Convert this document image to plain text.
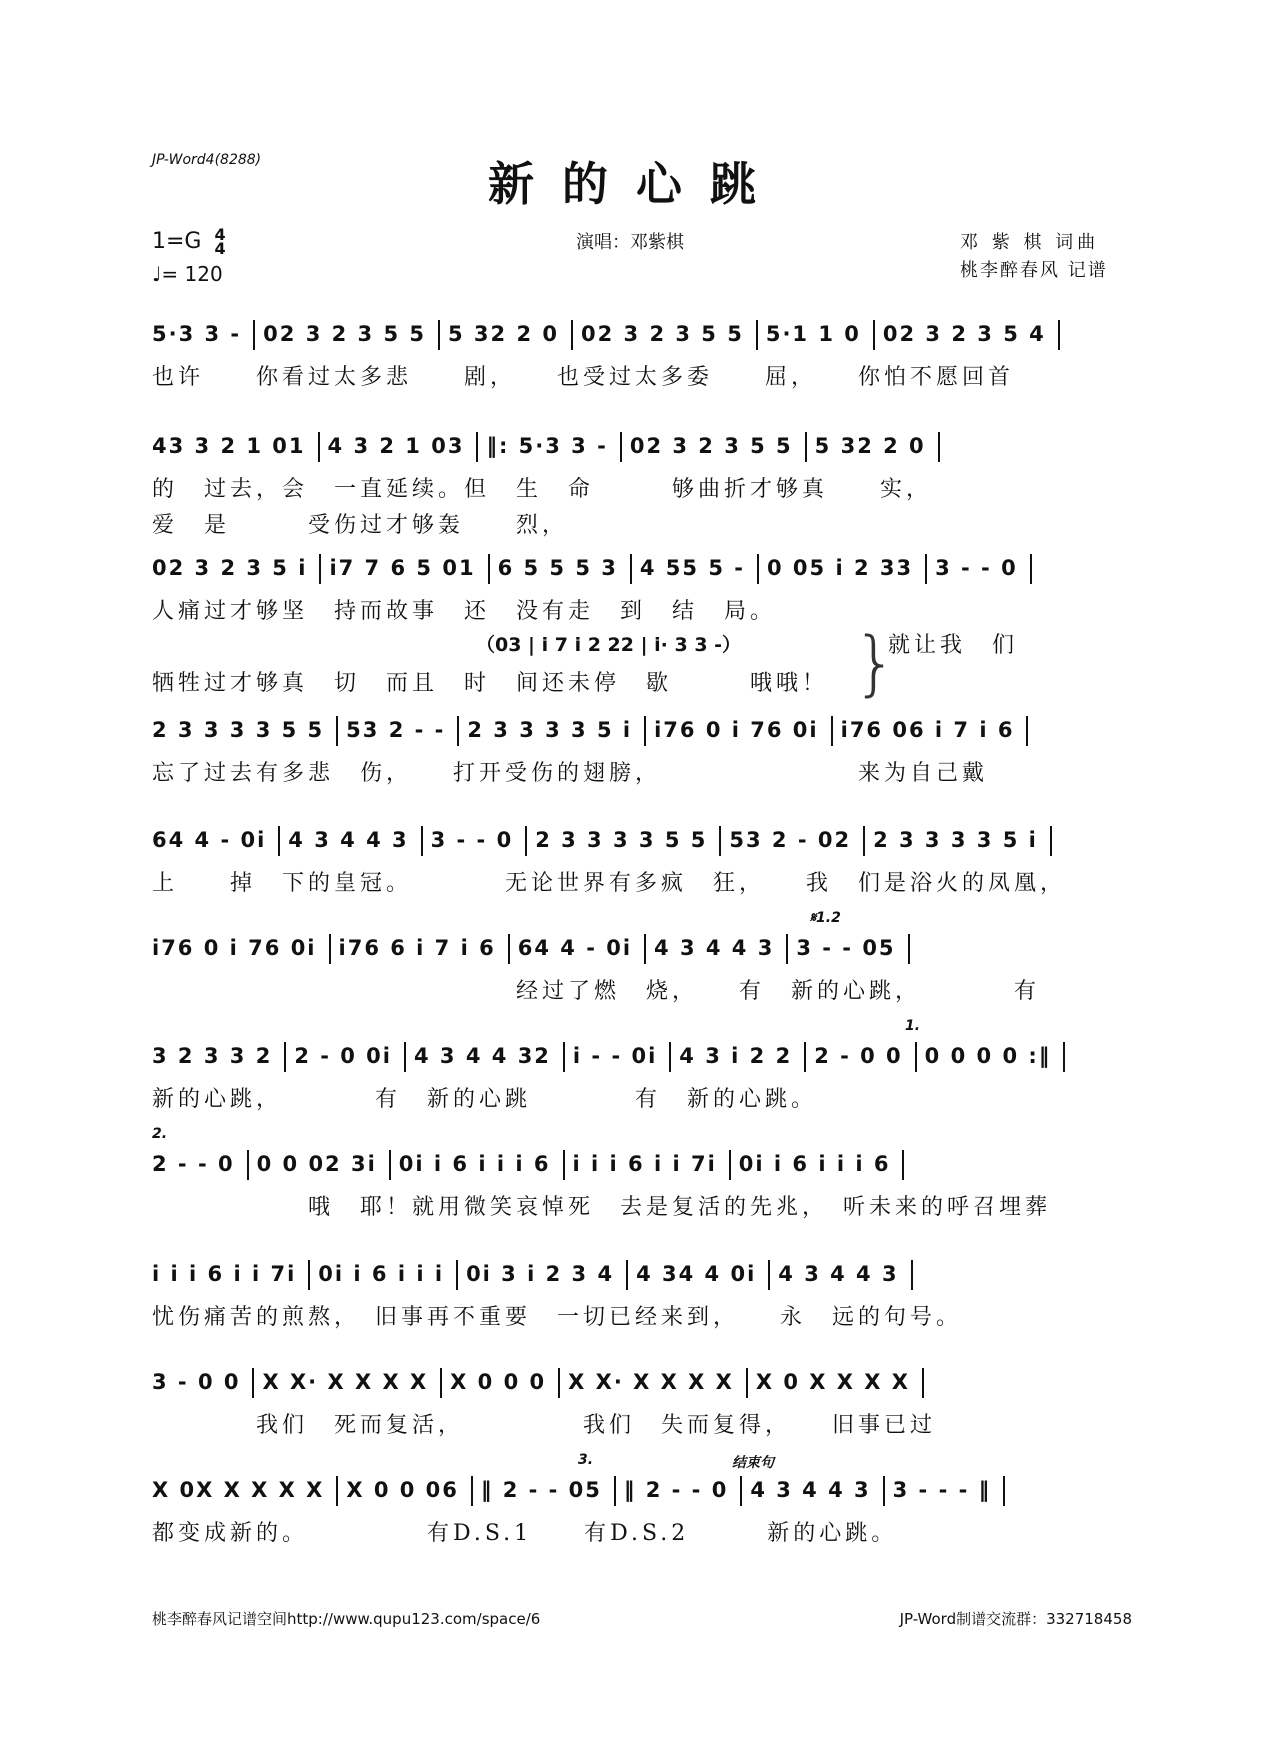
JP-Word4(8288)	新的心跳
1=G 4
4
♩= 120
演唱：邓紫棋	邓 紫 棋 词曲
桃李醉春风 记谱
5·3 3 - 02 3 2 3 5 5 5 32 2 0 02 3 2 3 5 5 5·1 1 0 02 3 2 3 5 4
也许　　你看过太多悲　　剧，　　也受过太多委　　屈，　　你怕不愿回首
43 3 2 1 01 4 3 2 1 03 ‖: 5·3 3 - 02 3 2 3 5 5 5 32 2 0
的　过去，会　一直延续。但　生　命　　　够曲折才够真　　实，
爱　是　　　受伤过才够轰　　烈，
02 3 2 3 5 i i7 7 6 5 01 6 5 5 5 3 4 55 5 - 0 05 i 2 33 3 - - 0
人痛过才够坚　持而故事　还　没有走　到　结　局。
牺牲过才够真　切　而且　时　间还未停　歇　　　哦哦！
（03 | i 7 i 2 22 | i· 3 3 -）	就让我　们
2 3 3 3 3 5 5 53 2 - - 2 3 3 3 3 5 i i76 0 i 76 0i i76 06 i 7 i 6
忘了过去有多悲　伤，　　打开受伤的翅膀，　　　　　　　　来为自己戴
64 4 - 0i 4 3 4 4 3 3 - - 0 2 3 3 3 3 5 5 53 2 - 02 2 3 3 3 3 5 i
上　　掉　下的皇冠。　　　　无论世界有多疯　狂，　　我　们是浴火的凤凰，
𝄋1.2
i76 0 i 76 0i i76 6 i 7 i 6 64 4 - 0i 4 3 4 4 3 3 - - 05
　　　　　　　　　　　　　　经过了燃　烧，　　有　新的心跳，　　　　有
1.
3 2 3 3 2 2 - 0 0i 4 3 4 4 32 i - - 0i 4 3 i 2 2 2 - 0 0 0 0 0 0 :‖
新的心跳，　　　　有　新的心跳　　　　有　新的心跳。
2.
2 - - 0 0 0 02 3i 0i i 6 i i i 6 i i i 6 i i 7i 0i i 6 i i i 6
　　　　　　哦　耶！就用微笑哀悼死　去是复活的先兆，　听未来的呼召埋葬
i i i 6 i i 7i 0i i 6 i i i 0i 3 i 2 3 4 4 34 4 0i 4 3 4 4 3
忧伤痛苦的煎熬，　旧事再不重要　一切已经来到，　　永　远的句号。
3 - 0 0 X X· X X X X X 0 0 0 X X· X X X X X 0 X X X X
　　　　我们　死而复活，　　　　　我们　失而复得，　　旧事已过
3.	结束句
X 0X X X X X X 0 0 06 ‖ 2 - - 05 ‖ 2 - - 0 4 3 4 4 3 3 - - - ‖
都变成新的。　　　　　有D.S.1　　有D.S.2　　　新的心跳。
}
桃李醉春风记谱空间http://www.qupu123.com/space/6	JP-Word制谱交流群：332718458
